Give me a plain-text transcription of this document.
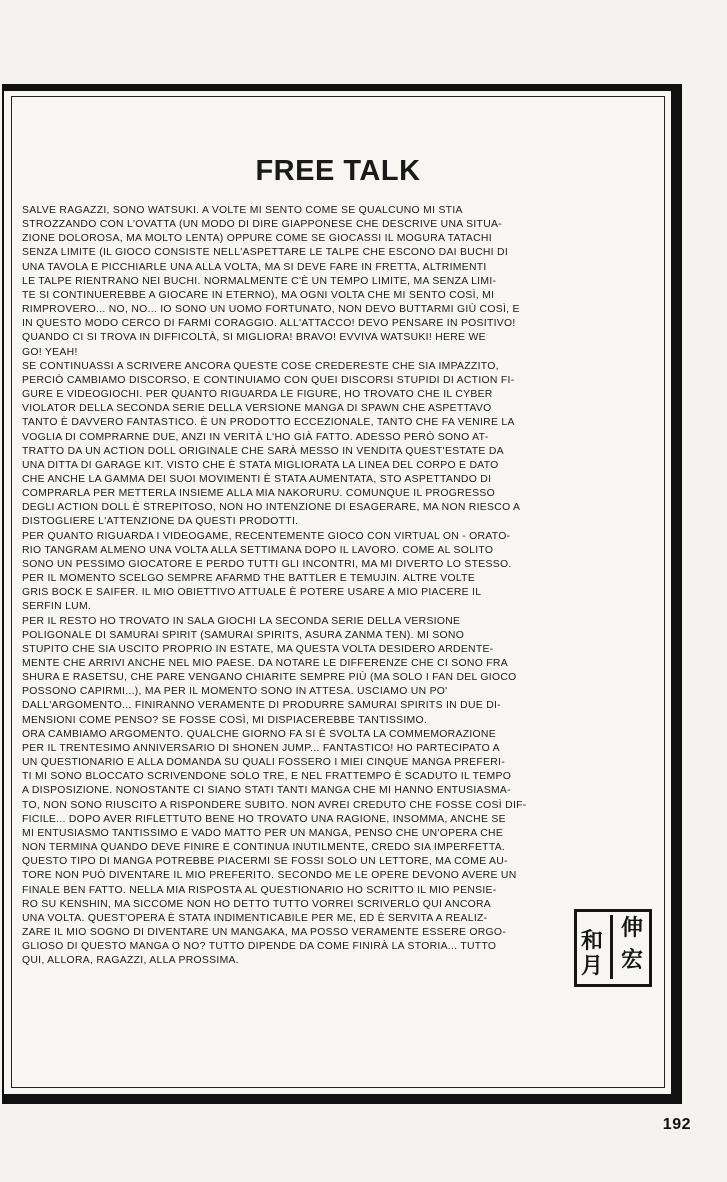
FREE TALK
SALVE RAGAZZI, SONO WATSUKI. A VOLTE MI SENTO COME SE QUALCUNO MI STIA
STROZZANDO CON L'OVATTA (UN MODO DI DIRE GIAPPONESE CHE DESCRIVE UNA SITUA-
ZIONE DOLOROSA, MA MOLTO LENTA) OPPURE COME SE GIOCASSI IL MOGURA TATACHI
SENZA LIMITE (IL GIOCO CONSISTE NELL'ASPETTARE LE TALPE CHE ESCONO DAI BUCHI DI
UNA TAVOLA E PICCHIARLE UNA ALLA VOLTA, MA SI DEVE FARE IN FRETTA, ALTRIMENTI
LE TALPE RIENTRANO NEI BUCHI. NORMALMENTE C'È UN TEMPO LIMITE, MA SENZA LIMI-
TE SI CONTINUEREBBE A GIOCARE IN ETERNO), MA OGNI VOLTA CHE MI SENTO COSÌ, MI
RIMPROVERO... NO, NO... IO SONO UN UOMO FORTUNATO, NON DEVO BUTTARMI GIÙ COSÌ, E
IN QUESTO MODO CERCO DI FARMI CORAGGIO. ALL'ATTACCO! DEVO PENSARE IN POSITIVO!
QUANDO CI SI TROVA IN DIFFICOLTÀ, SI MIGLIORA! BRAVO! EVVIVA WATSUKI! HERE WE
GO! YEAH!
SE CONTINUASSI A SCRIVERE ANCORA QUESTE COSE CREDERESTE CHE SIA IMPAZZITO,
PERCIÒ CAMBIAMO DISCORSO, E CONTINUIAMO CON QUEI DISCORSI STUPIDI DI ACTION FI-
GURE E VIDEOGIOCHI. PER QUANTO RIGUARDA LE FIGURE, HO TROVATO CHE IL CYBER
VIOLATOR DELLA SECONDA SERIE DELLA VERSIONE MANGA DI SPAWN CHE ASPETTAVO
TANTO È DAVVERO FANTASTICO. È UN PRODOTTO ECCEZIONALE, TANTO CHE FA VENIRE LA
VOGLIA DI COMPRARNE DUE, ANZI IN VERITÀ L'HO GIÀ FATTO. ADESSO PERÒ SONO AT-
TRATTO DA UN ACTION DOLL ORIGINALE CHE SARÀ MESSO IN VENDITA QUEST'ESTATE DA
UNA DITTA DI GARAGE KIT. VISTO CHE È STATA MIGLIORATA LA LINEA DEL CORPO E DATO
CHE ANCHE LA GAMMA DEI SUOI MOVIMENTI È STATA AUMENTATA, STO ASPETTANDO DI
COMPRARLA PER METTERLA INSIEME ALLA MIA NAKORURU. COMUNQUE IL PROGRESSO
DEGLI ACTION DOLL È STREPITOSO, NON HO INTENZIONE DI ESAGERARE, MA NON RIESCO A
DISTOGLIERE L'ATTENZIONE DA QUESTI PRODOTTI.
PER QUANTO RIGUARDA I VIDEOGAME, RECENTEMENTE GIOCO CON VIRTUAL ON - ORATO-
RIO TANGRAM ALMENO UNA VOLTA ALLA SETTIMANA DOPO IL LAVORO. COME AL SOLITO
SONO UN PESSIMO GIOCATORE E PERDO TUTTI GLI INCONTRI, MA MI DIVERTO LO STESSO.
PER IL MOMENTO SCELGO SEMPRE AFARMD THE BATTLER E TEMUJIN. ALTRE VOLTE
GRIS BOCK E SAIFER. IL MIO OBIETTIVO ATTUALE È POTERE USARE A MIO PIACERE IL
SERFIN LUM.
PER IL RESTO HO TROVATO IN SALA GIOCHI LA SECONDA SERIE DELLA VERSIONE
POLIGONALE DI SAMURAI SPIRIT (SAMURAI SPIRITS, ASURA ZANMA TEN). MI SONO
STUPITO CHE SIA USCITO PROPRIO IN ESTATE, MA QUESTA VOLTA DESIDERO ARDENTE-
MENTE CHE ARRIVI ANCHE NEL MIO PAESE. DA NOTARE LE DIFFERENZE CHE CI SONO FRA
SHURA E RASETSU, CHE PARE VENGANO CHIARITE SEMPRE PIÙ (MA SOLO I FAN DEL GIOCO
POSSONO CAPIRMI...), MA PER IL MOMENTO SONO IN ATTESA. USCIAMO UN PO'
DALL'ARGOMENTO... FINIRANNO VERAMENTE DI PRODURRE SAMURAI SPIRITS IN DUE DI-
MENSIONI COME PENSO? SE FOSSE COSÌ, MI DISPIACEREBBE TANTISSIMO.
ORA CAMBIAMO ARGOMENTO. QUALCHE GIORNO FA SI È SVOLTA LA COMMEMORAZIONE
PER IL TRENTESIMO ANNIVERSARIO DI SHONEN JUMP... FANTASTICO! HO PARTECIPATO A
UN QUESTIONARIO E ALLA DOMANDA SU QUALI FOSSERO I MIEI CINQUE MANGA PREFERI-
TI MI SONO BLOCCATO SCRIVENDONE SOLO TRE, E NEL FRATTEMPO È SCADUTO IL TEMPO
A DISPOSIZIONE. NONOSTANTE CI SIANO STATI TANTI MANGA CHE MI HANNO ENTUSIASMA-
TO, NON SONO RIUSCITO A RISPONDERE SUBITO. NON AVREI CREDUTO CHE FOSSE COSÌ DIF-
FICILE... DOPO AVER RIFLETTUTO BENE HO TROVATO UNA RAGIONE, INSOMMA, ANCHE SE
MI ENTUSIASMO TANTISSIMO E VADO MATTO PER UN MANGA, PENSO CHE UN'OPERA CHE
NON TERMINA QUANDO DEVE FINIRE E CONTINUA INUTILMENTE, CREDO SIA IMPERFETTA.
QUESTO TIPO DI MANGA POTREBBE PIACERMI SE FOSSI SOLO UN LETTORE, MA COME AU-
TORE NON PUÒ DIVENTARE IL MIO PREFERITO. SECONDO ME LE OPERE DEVONO AVERE UN
FINALE BEN FATTO. NELLA MIA RISPOSTA AL QUESTIONARIO HO SCRITTO IL MIO PENSIE-
RO SU KENSHIN, MA SICCOME NON HO DETTO TUTTO VORREI SCRIVERLO QUI ANCORA
UNA VOLTA. QUEST'OPERA È STATA INDIMENTICABILE PER ME, ED È SERVITA A REALIZ-
ZARE IL MIO SOGNO DI DIVENTARE UN MANGAKA, MA POSSO VERAMENTE ESSERE ORGO-
GLIOSO DI QUESTO MANGA O NO? TUTTO DIPENDE DA COME FINIRÀ LA STORIA... TUTTO
QUI, ALLORA, RAGAZZI, ALLA PROSSIMA.
伸
宏
和
月
192
